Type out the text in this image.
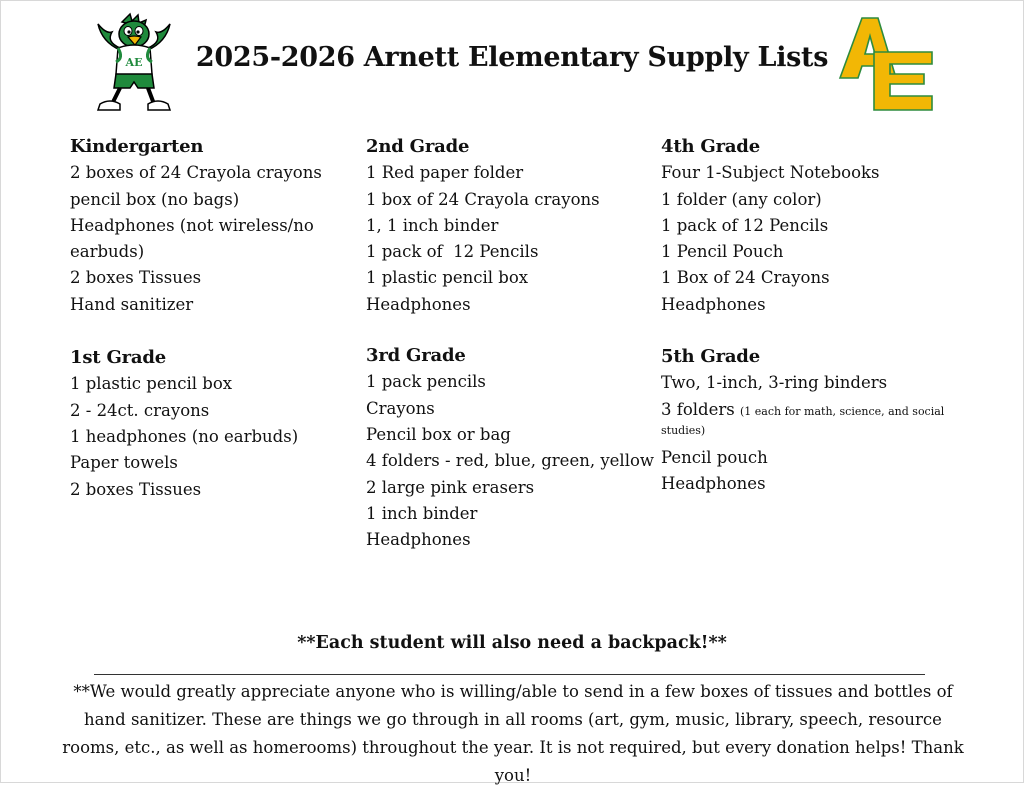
AE	2025-2026 Arnett Elementary Supply Lists
Kindergarten
2 boxes of 24 Crayola crayons
pencil box (no bags)
Headphones (not wireless/no earbuds)
2 boxes Tissues
Hand sanitizer
1st Grade
1 plastic pencil box
2 - 24ct. crayons
1 headphones (no earbuds)
Paper towels
2 boxes Tissues
2nd Grade
1 Red paper folder
1 box of 24 Crayola crayons
1, 1 inch binder
1 pack of  12 Pencils
1 plastic pencil box
Headphones
3rd Grade
1 pack pencils
Crayons
Pencil box or bag
4 folders - red, blue, green, yellow
2 large pink erasers
1 inch binder
Headphones
4th Grade
Four 1-Subject Notebooks
1 folder (any color)
1 pack of 12 Pencils
1 Pencil Pouch
1 Box of 24 Crayons
Headphones
5th Grade
Two, 1-inch, 3-ring binders
3 folders (1 each for math, science, and social studies)
Pencil pouch
Headphones
**Each student will also need a backpack!**
**We would greatly appreciate anyone who is willing/able to send in a few boxes of tissues and bottles of hand sanitizer. These are things we go through in all rooms (art, gym, music, library, speech, resource rooms, etc., as well as homerooms) throughout the year. It is not required, but every donation helps! Thank you!
